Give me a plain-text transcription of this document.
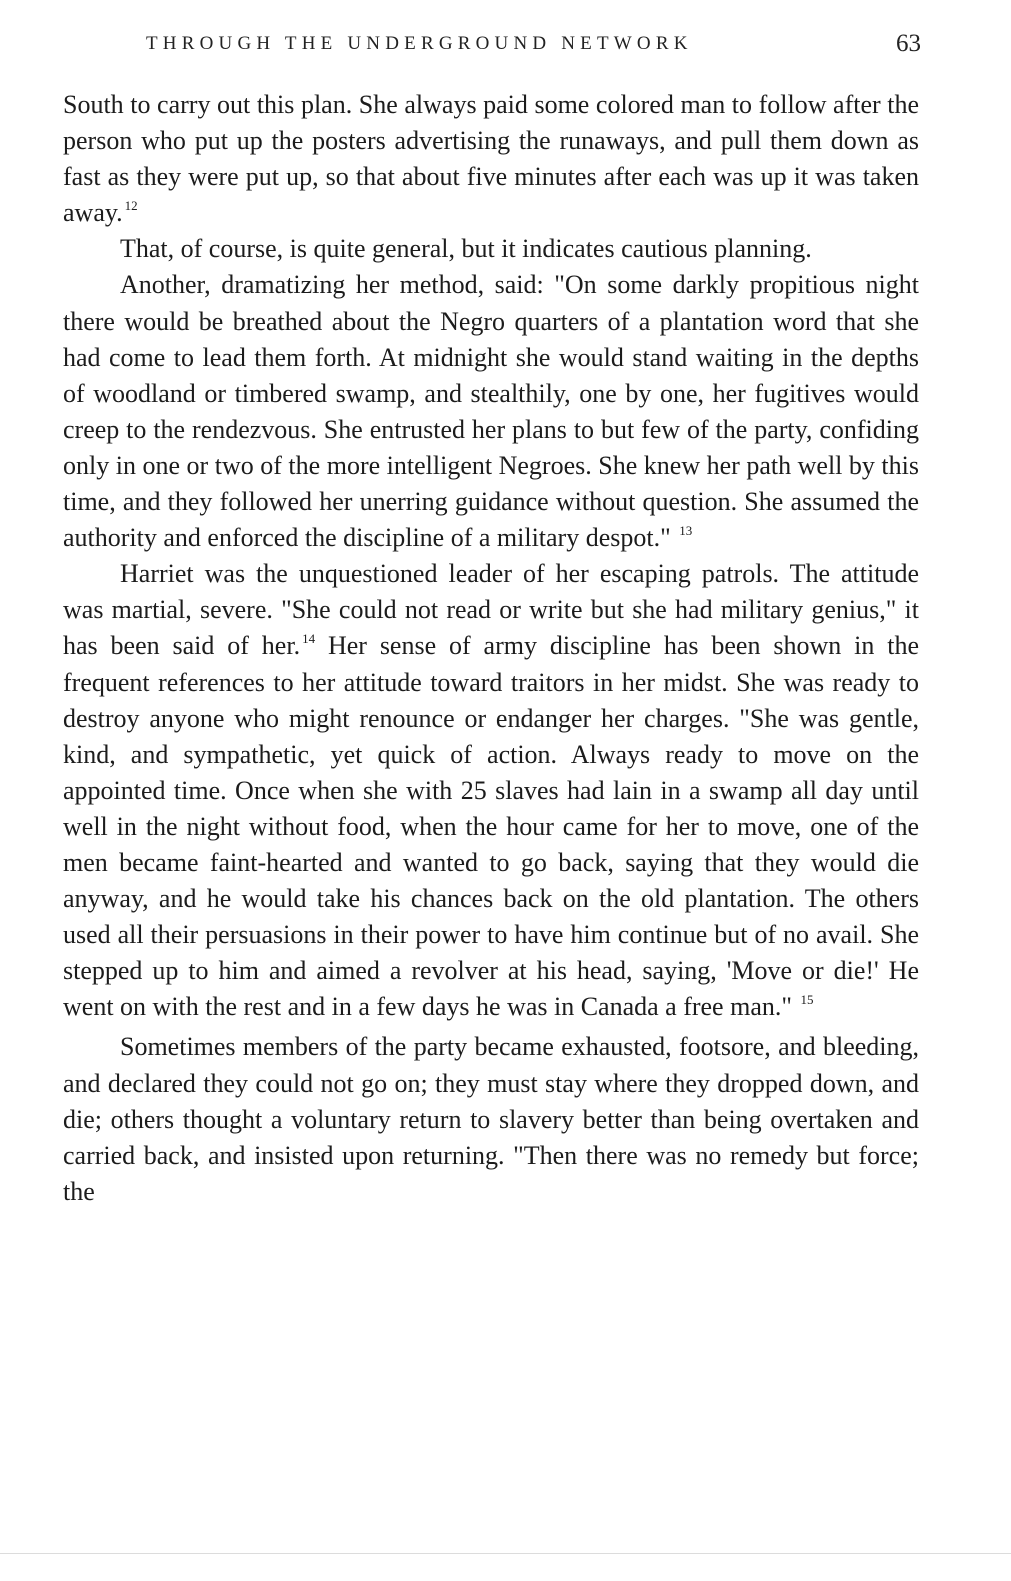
THROUGH THE UNDERGROUND NETWORK	63

South to carry out this plan. She always paid some colored man to follow after the person who put up the posters advertising the runaways, and pull them down as fast as they were put up, so that about five minutes after each was up it was taken away. $^{12}$

That, of course, is quite general, but it indicates cautious planning.

Another, dramatizing her method, said: "On some darkly propitious night there would be breathed about the Negro quarters of a plantation word that she had come to lead them forth. At midnight she would stand waiting in the depths of woodland or timbered swamp, and stealthily, one by one, her fugitives would creep to the rendezvous. She entrusted her plans to but few of the party, confiding only in one or two of the more intelligent Negroes. She knew her path well by this time, and they followed her unerring guidance without question. She assumed the authority and enforced the discipline of a military despot." $^{13}$

Harriet was the unquestioned leader of her escaping patrols. The attitude was martial, severe. "She could not read or write but she had military genius," it has been said of her. $^{14}$ Her sense of army discipline has been shown in the frequent references to her attitude toward traitors in her midst. She was ready to destroy anyone who might renounce or endanger her charges. "She was gentle, kind, and sympathetic, yet quick of action. Always ready to move on the appointed time. Once when she with 25 slaves had lain in a swamp all day until well in the night without food, when the hour came for her to move, one of the men became faint-hearted and wanted to go back, saying that they would die anyway, and he would take his chances back on the old plantation. The others used all their persuasions in their power to have him continue but of no avail. She stepped up to him and aimed a revolver at his head, saying, 'Move or die!' He went on with the rest and in a few days he was in Canada a free man." $^{15}$

Sometimes members of the party became exhausted, footsore, and bleeding, and declared they could not go on; they must stay where they dropped down, and die; others thought a voluntary return to slavery better than being overtaken and carried back, and insisted upon returning. "Then there was no remedy but force; the
